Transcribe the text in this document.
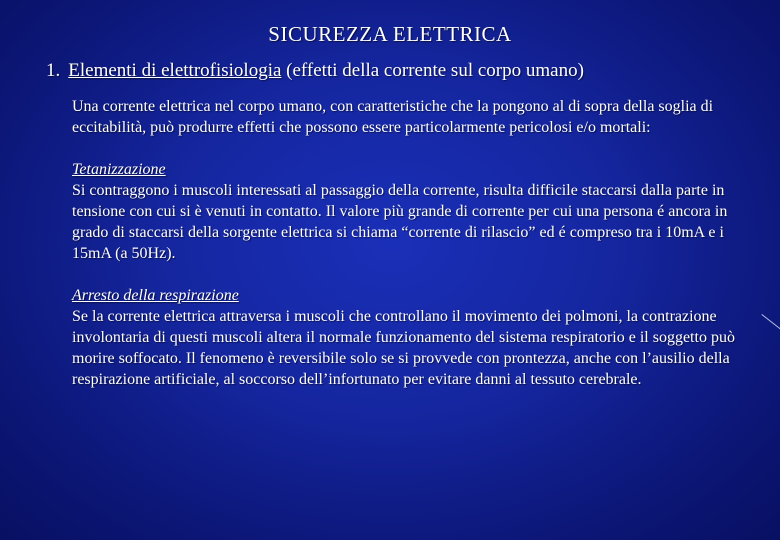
SICUREZZA ELETTRICA
1. Elementi di elettrofisiologia (effetti della corrente sul corpo umano)

Una corrente elettrica nel corpo umano, con caratteristiche che la pongono al di sopra della soglia di eccitabilità, può produrre effetti che possono essere particolarmente pericolosi e/o mortali:

Tetanizzazione

Si contraggono i muscoli interessati al passaggio della corrente, risulta difficile staccarsi dalla parte in tensione con cui si è venuti in contatto. Il valore più grande di corrente per cui una persona é ancora in grado di staccarsi della sorgente elettrica si chiama “corrente di rilascio” ed é compreso tra i 10mA e i 15mA (a 50Hz).

Arresto della respirazione

Se la corrente elettrica attraversa i muscoli che controllano il movimento dei polmoni, la contrazione involontaria di questi muscoli altera il normale funzionamento del sistema respiratorio e il soggetto può morire soffocato. Il fenomeno è reversibile solo se si provvede con prontezza, anche con l’ausilio della respirazione artificiale, al soccorso dell’infortunato per evitare danni al tessuto cerebrale.
